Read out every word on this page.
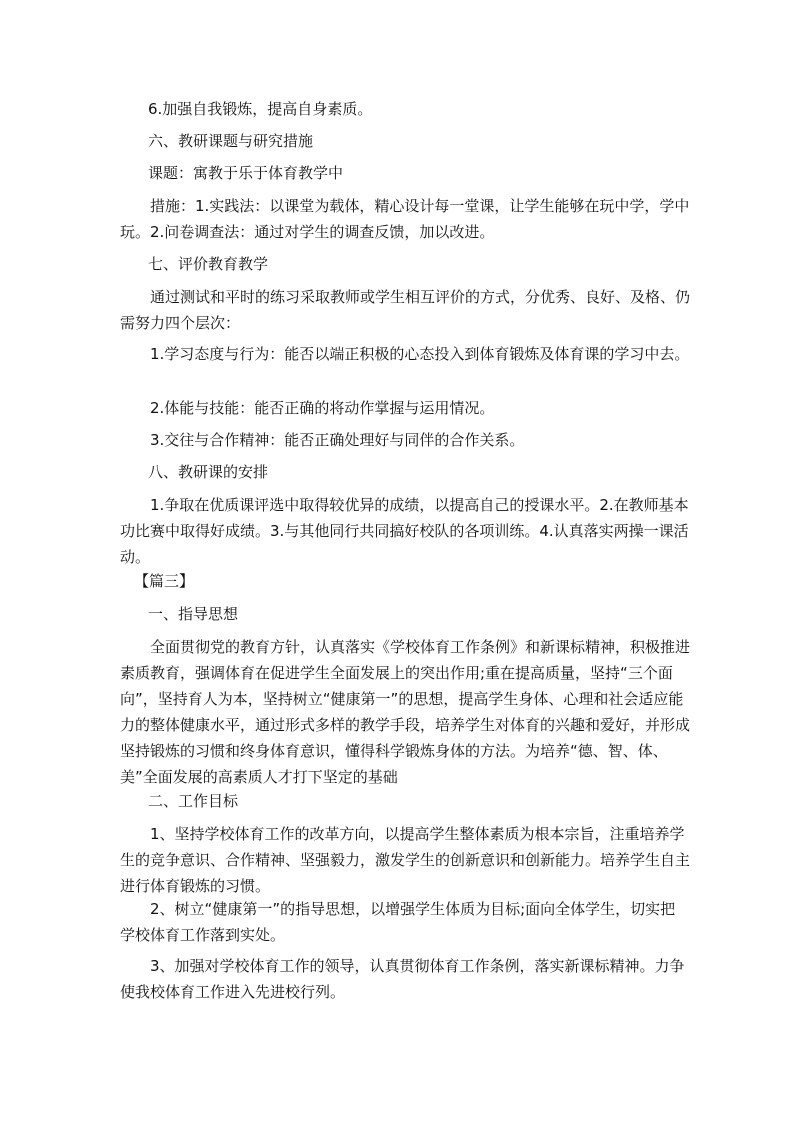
6.加强自我锻炼，提高自身素质。

六、教研课题与研究措施

课题：寓教于乐于体育教学中

措施：1.实践法：以课堂为载体，精心设计每一堂课，让学生能够在玩中学，学中玩。2.问卷调查法：通过对学生的调查反馈，加以改进。

七、评价教育教学

通过测试和平时的练习采取教师或学生相互评价的方式，分优秀、良好、及格、仍需努力四个层次：

1.学习态度与行为：能否以端正积极的心态投入到体育锻炼及体育课的学习中去。

2.体能与技能：能否正确的将动作掌握与运用情况。

3.交往与合作精神：能否正确处理好与同伴的合作关系。

八、教研课的安排

1.争取在优质课评选中取得较优异的成绩，以提高自己的授课水平。2.在教师基本功比赛中取得好成绩。3.与其他同行共同搞好校队的各项训练。4.认真落实两操一课活动。

【篇三】

一、指导思想

全面贯彻党的教育方针，认真落实《学校体育工作条例》和新课标精神，积极推进素质教育，强调体育在促进学生全面发展上的突出作用;重在提高质量，坚持“三个面向”，坚持育人为本，坚持树立“健康第一”的思想，提高学生身体、心理和社会适应能力的整体健康水平，通过形式多样的教学手段，培养学生对体育的兴趣和爱好，并形成坚持锻炼的习惯和终身体育意识，懂得科学锻炼身体的方法。为培养“德、智、体、美”全面发展的高素质人才打下坚定的基础

二、工作目标

1、坚持学校体育工作的改革方向，以提高学生整体素质为根本宗旨，注重培养学生的竞争意识、合作精神、坚强毅力，激发学生的创新意识和创新能力。培养学生自主进行体育锻炼的习惯。

2、树立“健康第一”的指导思想，以增强学生体质为目标;面向全体学生，切实把学校体育工作落到实处。

3、加强对学校体育工作的领导，认真贯彻体育工作条例，落实新课标精神。力争使我校体育工作进入先进校行列。
